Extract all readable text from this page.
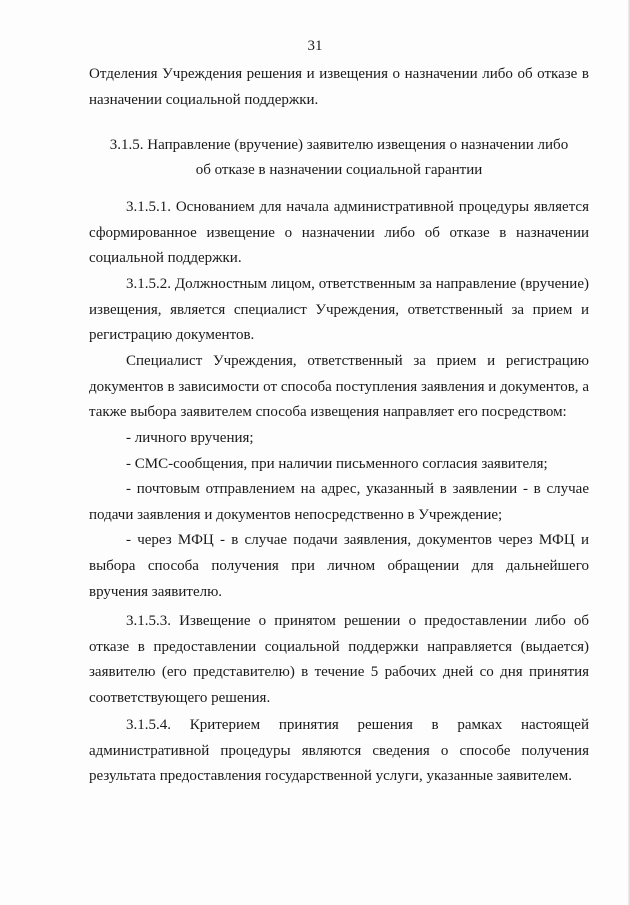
31
Отделения Учреждения решения и извещения о назначении либо об отказе в
назначении социальной поддержки.
3.1.5. Направление (вручение) заявителю извещения о назначении либо
об отказе в назначении социальной гарантии
3.1.5.1. Основанием для начала административной процедуры является
сформированное извещение о назначении либо об отказе в назначении
социальной поддержки.
3.1.5.2. Должностным лицом, ответственным за направление (вручение)
извещения, является специалист Учреждения, ответственный за прием и
регистрацию документов.
Специалист Учреждения, ответственный за прием и регистрацию
документов в зависимости от способа поступления заявления и документов, а
также выбора заявителем способа извещения направляет его посредством:
- личного вручения;
- СМС-сообщения, при наличии письменного согласия заявителя;
- почтовым отправлением на адрес, указанный в заявлении - в случае
подачи заявления и документов непосредственно в Учреждение;
- через МФЦ - в случае подачи заявления, документов через МФЦ и
выбора способа получения при личном обращении для дальнейшего
вручения заявителю.
3.1.5.3. Извещение о принятом решении о предоставлении либо об
отказе в предоставлении социальной поддержки направляется (выдается)
заявителю (его представителю) в течение 5 рабочих дней со дня принятия
соответствующего решения.
3.1.5.4. Критерием принятия решения в рамках настоящей
административной процедуры являются сведения о способе получения
результата предоставления государственной услуги, указанные заявителем.
